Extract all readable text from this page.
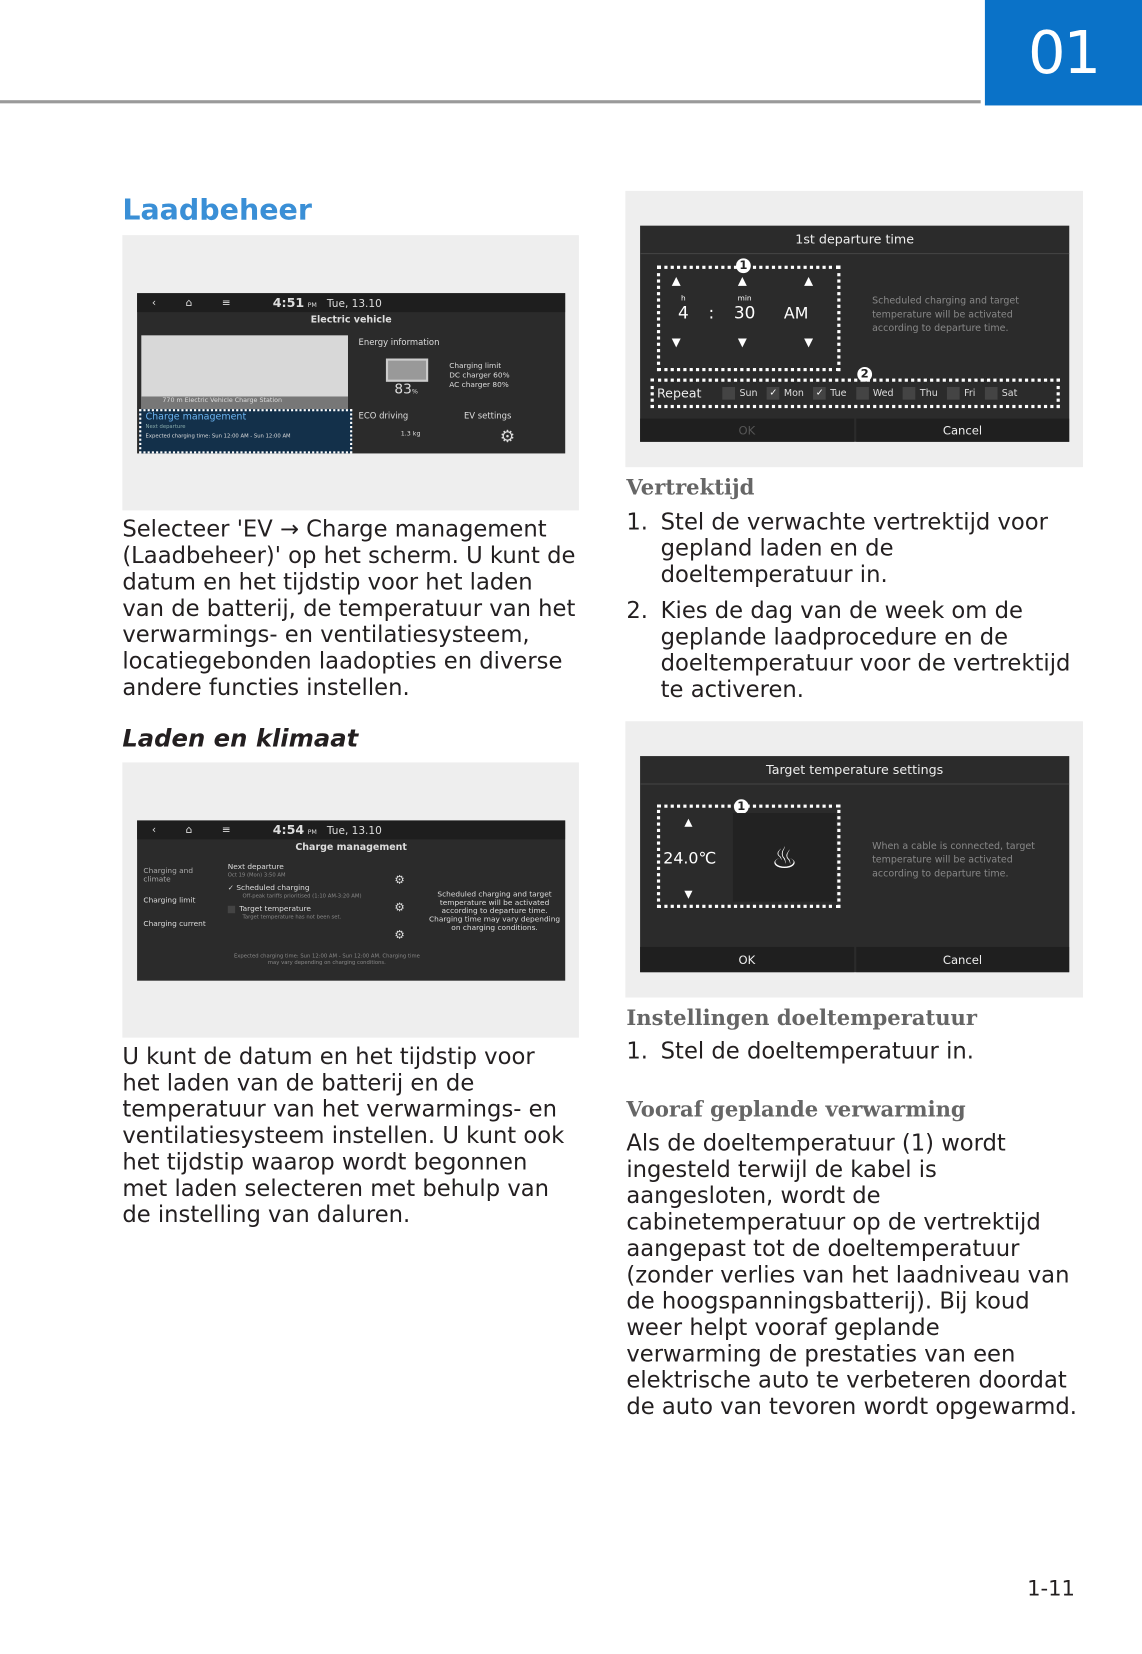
01
Laadbeheer
‹	⌂	≡	4:51 PM Tue, 13.10
Electric vehicle
770 m Electric Vehicle Charge Station
Charge management
Next departure
Expected charging time: Sun 12:00 AM - Sun 12:00 AM
Energy information
83%
Charging limit
DC charger 60%
AC charger 80%
ECO driving
1.3 kg
EV settings
⚙
Selecteer 'EV → Charge management (Laadbeheer)' op het scherm. U kunt de datum en het tijdstip voor het laden van de batterij, de temperatuur van het verwarmings- en ventilatiesysteem, locatiegebonden laadopties en diverse andere functies instellen.
Laden en klimaat
‹	⌂	≡	4:54 PM Tue, 13.10
Charge management
Charging and climate
Charging limit
Charging current
Next departure
Oct 19 (Mon) 3:50 AM
✓ Scheduled charging
Off-peak tariffs prioritised (1:10 AM-3:20 AM)
Target temperature
Target temperature has not been set.
⚙
⚙
⚙
Scheduled charging and target temperature will be activated according to departure time. Charging time may vary depending on charging conditions.
Expected charging time: Sun 12:00 AM - Sun 12:00 AM. Charging time may vary depending on charging conditions.
U kunt de datum en het tijdstip voor het laden van de batterij en de temperatuur van het verwarmings- en ventilatiesysteem instellen. U kunt ook het tijdstip waarop wordt begonnen met laden selecteren met behulp van de instelling van daluren.
1st departure time
1
▲	▲	▲
h
4	:
min
30	AM
▼	▼	▼
Scheduled charging and target temperature will be activated according to departure time.
2
Repeat	Sun ✓ Mon ✓ Tue	Wed	Thu	Fri	Sat
OK	Cancel
Vertrektijd
1. Stel de verwachte vertrektijd voor gepland laden en de doeltemperatuur in.
2. Kies de dag van de week om de geplande laadprocedure en de doeltemperatuur voor de vertrektijd te activeren.
Target temperature settings
1
▲
24.0℃
▼
♨	When a cable is connected, target temperature will be activated according to departure time.
OK	Cancel
Instellingen doeltemperatuur
1. Stel de doeltemperatuur in.
Vooraf geplande verwarming
Als de doeltemperatuur (1) wordt ingesteld terwijl de kabel is aangesloten, wordt de cabinetemperatuur op de vertrektijd aangepast tot de doeltemperatuur (zonder verlies van het laadniveau van de hoogspanningsbatterij). Bij koud weer helpt vooraf geplande verwarming de prestaties van een elektrische auto te verbeteren doordat de auto van tevoren wordt opgewarmd.
1-11
